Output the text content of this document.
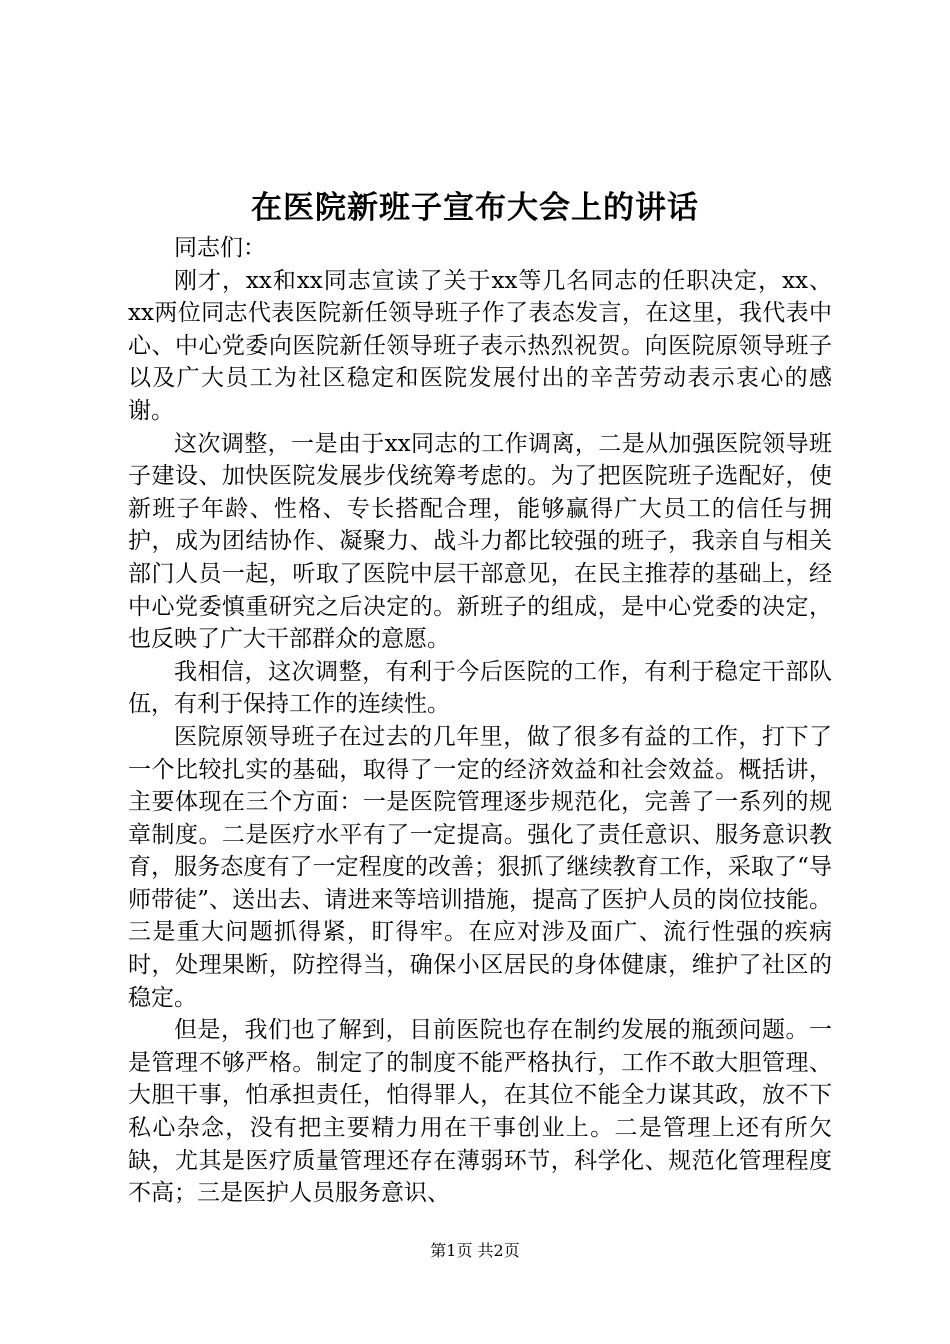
在医院新班子宣布大会上的讲话

同志们：

刚才，xx和xx同志宣读了关于xx等几名同志的任职决定，xx、xx两位同志代表医院新任领导班子作了表态发言，在这里，我代表中心、中心党委向医院新任领导班子表示热烈祝贺。向医院原领导班子以及广大员工为社区稳定和医院发展付出的辛苦劳动表示衷心的感谢。

这次调整，一是由于xx同志的工作调离，二是从加强医院领导班子建设、加快医院发展步伐统筹考虑的。为了把医院班子选配好，使新班子年龄、性格、专长搭配合理，能够赢得广大员工的信任与拥护，成为团结协作、凝聚力、战斗力都比较强的班子，我亲自与相关部门人员一起，听取了医院中层干部意见，在民主推荐的基础上，经中心党委慎重研究之后决定的。新班子的组成，是中心党委的决定，也反映了广大干部群众的意愿。

我相信，这次调整，有利于今后医院的工作，有利于稳定干部队伍，有利于保持工作的连续性。

医院原领导班子在过去的几年里，做了很多有益的工作，打下了一个比较扎实的基础，取得了一定的经济效益和社会效益。概括讲，主要体现在三个方面：一是医院管理逐步规范化，完善了一系列的规章制度。二是医疗水平有了一定提高。强化了责任意识、服务意识教育，服务态度有了一定程度的改善；狠抓了继续教育工作，采取了“导师带徒”、送出去、请进来等培训措施，提高了医护人员的岗位技能。三是重大问题抓得紧，盯得牢。在应对涉及面广、流行性强的疾病时，处理果断，防控得当，确保小区居民的身体健康，维护了社区的稳定。

但是，我们也了解到，目前医院也存在制约发展的瓶颈问题。一是管理不够严格。制定了的制度不能严格执行，工作不敢大胆管理、大胆干事，怕承担责任，怕得罪人，在其位不能全力谋其政，放不下私心杂念，没有把主要精力用在干事创业上。二是管理上还有所欠缺，尤其是医疗质量管理还存在薄弱环节，科学化、规范化管理程度不高；三是医护人员服务意识、

第1页 共2页
